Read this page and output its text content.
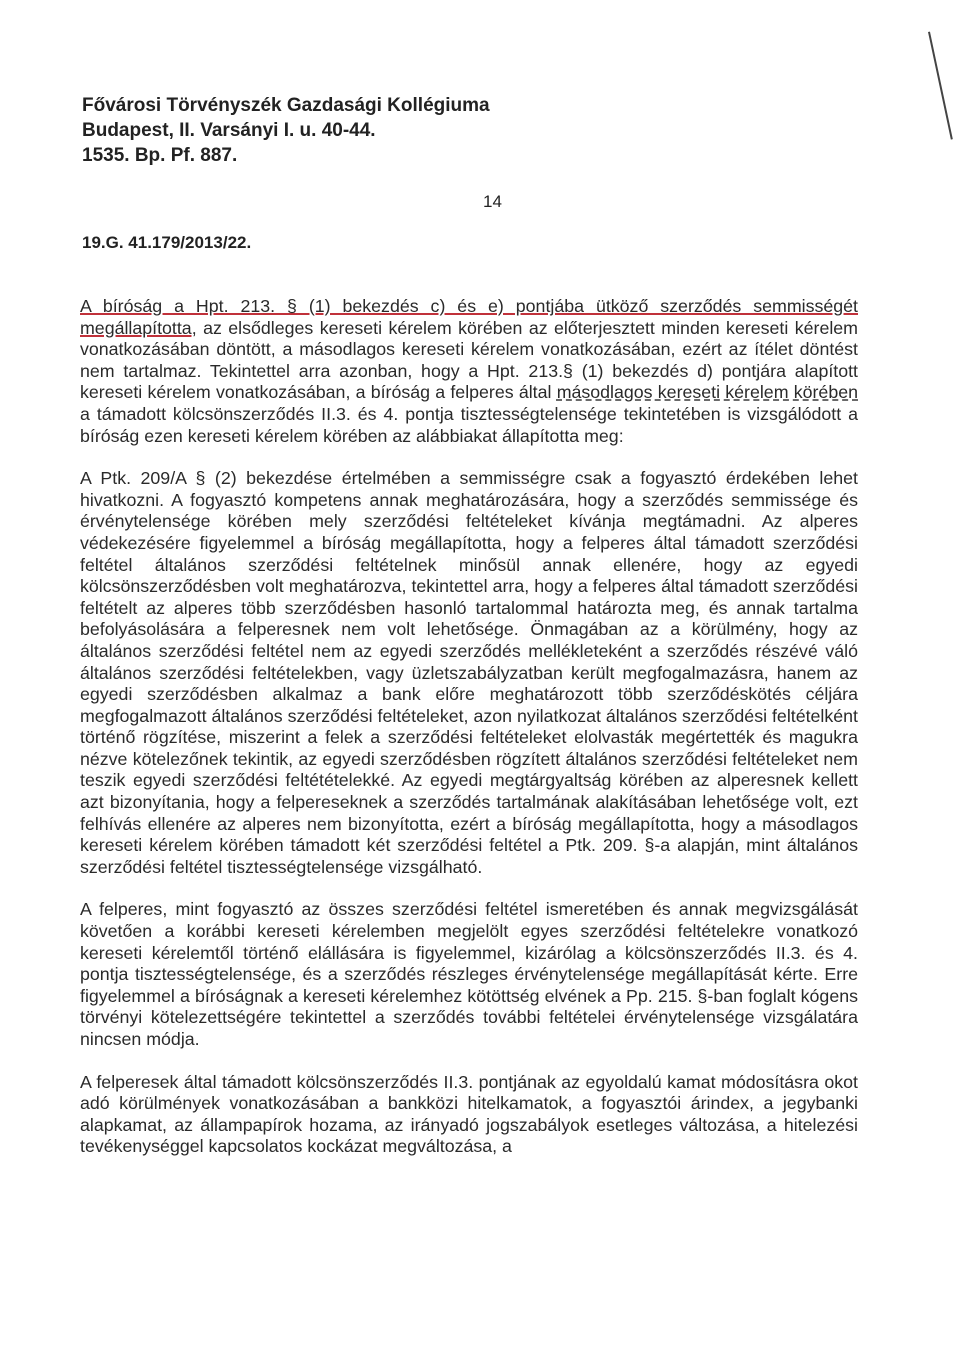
Fővárosi Törvényszék Gazdasági Kollégiuma
Budapest, II. Varsányi I. u. 40-44.
1535. Bp. Pf. 887.
14
19.G. 41.179/2013/22.

A bíróság a Hpt. 213. § (1) bekezdés c) és e) pontjába ütköző szerződés semmisségét megállapította, az elsődleges kereseti kérelem körében az előterjesztett minden kereseti kérelem vonatkozásában döntött, a másodlagos kereseti kérelem vonatkozásában, ezért az ítélet döntést nem tartalmaz. Tekintettel arra azonban, hogy a Hpt. 213.§ (1) bekezdés d) pontjára alapított kereseti kérelem vonatkozásában, a bíróság a felperes által másodlagos kereseti kérelem körében a támadott kölcsönszerződés II.3. és 4. pontja tisztességtelensége tekintetében is vizsgálódott a bíróság ezen kereseti kérelem körében az alábbiakat állapította meg:

A Ptk. 209/A § (2) bekezdése értelmében a semmisségre csak a fogyasztó érdekében lehet hivatkozni. A fogyasztó kompetens annak meghatározására, hogy a szerződés semmissége és érvénytelensége körében mely szerződési feltételeket kívánja megtámadni. Az alperes védekezésére figyelemmel a bíróság megállapította, hogy a felperes által támadott szerződési feltétel általános szerződési feltételnek minősül annak ellenére, hogy az egyedi kölcsönszerződésben volt meghatározva, tekintettel arra, hogy a felperes által támadott szerződési feltételt az alperes több szerződésben hasonló tartalommal határozta meg, és annak tartalma befolyásolására a felperesnek nem volt lehetősége. Önmagában az a körülmény, hogy az általános szerződési feltétel nem az egyedi szerződés mellékleteként a szerződés részévé váló általános szerződési feltételekben, vagy üzletszabályzatban került megfogalmazásra, hanem az egyedi szerződésben alkalmaz a bank előre meghatározott több szerződéskötés céljára megfogalmazott általános szerződési feltételeket, azon nyilatkozat általános szerződési feltételként történő rögzítése, miszerint a felek a szerződési feltételeket elolvasták megértették és magukra nézve kötelezőnek tekintik, az egyedi szerződésben rögzített általános szerződési feltételeket nem teszik egyedi szerződési feltétételekké. Az egyedi megtárgyaltság körében az alperesnek kellett azt bizonyítania, hogy a felpereseknek a szerződés tartalmának alakításában lehetősége volt, ezt felhívás ellenére az alperes nem bizonyította, ezért a bíróság megállapította, hogy a másodlagos kereseti kérelem körében támadott két szerződési feltétel a Ptk. 209. §-a alapján, mint általános szerződési feltétel tisztességtelensége vizsgálható.

A felperes, mint fogyasztó az összes szerződési feltétel ismeretében és annak megvizsgálását követően a korábbi kereseti kérelemben megjelölt egyes szerződési feltételekre vonatkozó kereseti kérelemtől történő elállására is figyelemmel, kizárólag a kölcsönszerződés II.3. és 4. pontja tisztességtelensége, és a szerződés részleges érvénytelensége megállapítását kérte. Erre figyelemmel a bíróságnak a kereseti kérelemhez kötöttség elvének a Pp. 215. §-ban foglalt kógens törvényi kötelezettségére tekintettel a szerződés további feltételei érvénytelensége vizsgálatára nincsen módja.

A felperesek által támadott kölcsönszerződés II.3. pontjának az egyoldalú kamat módosításra okot adó körülmények vonatkozásában a bankközi hitelkamatok, a fogyasztói árindex, a jegybanki alapkamat, az állampapírok hozama, az irányadó jogszabályok esetleges változása, a hitelezési tevékenységgel kapcsolatos kockázat megváltozása, a
